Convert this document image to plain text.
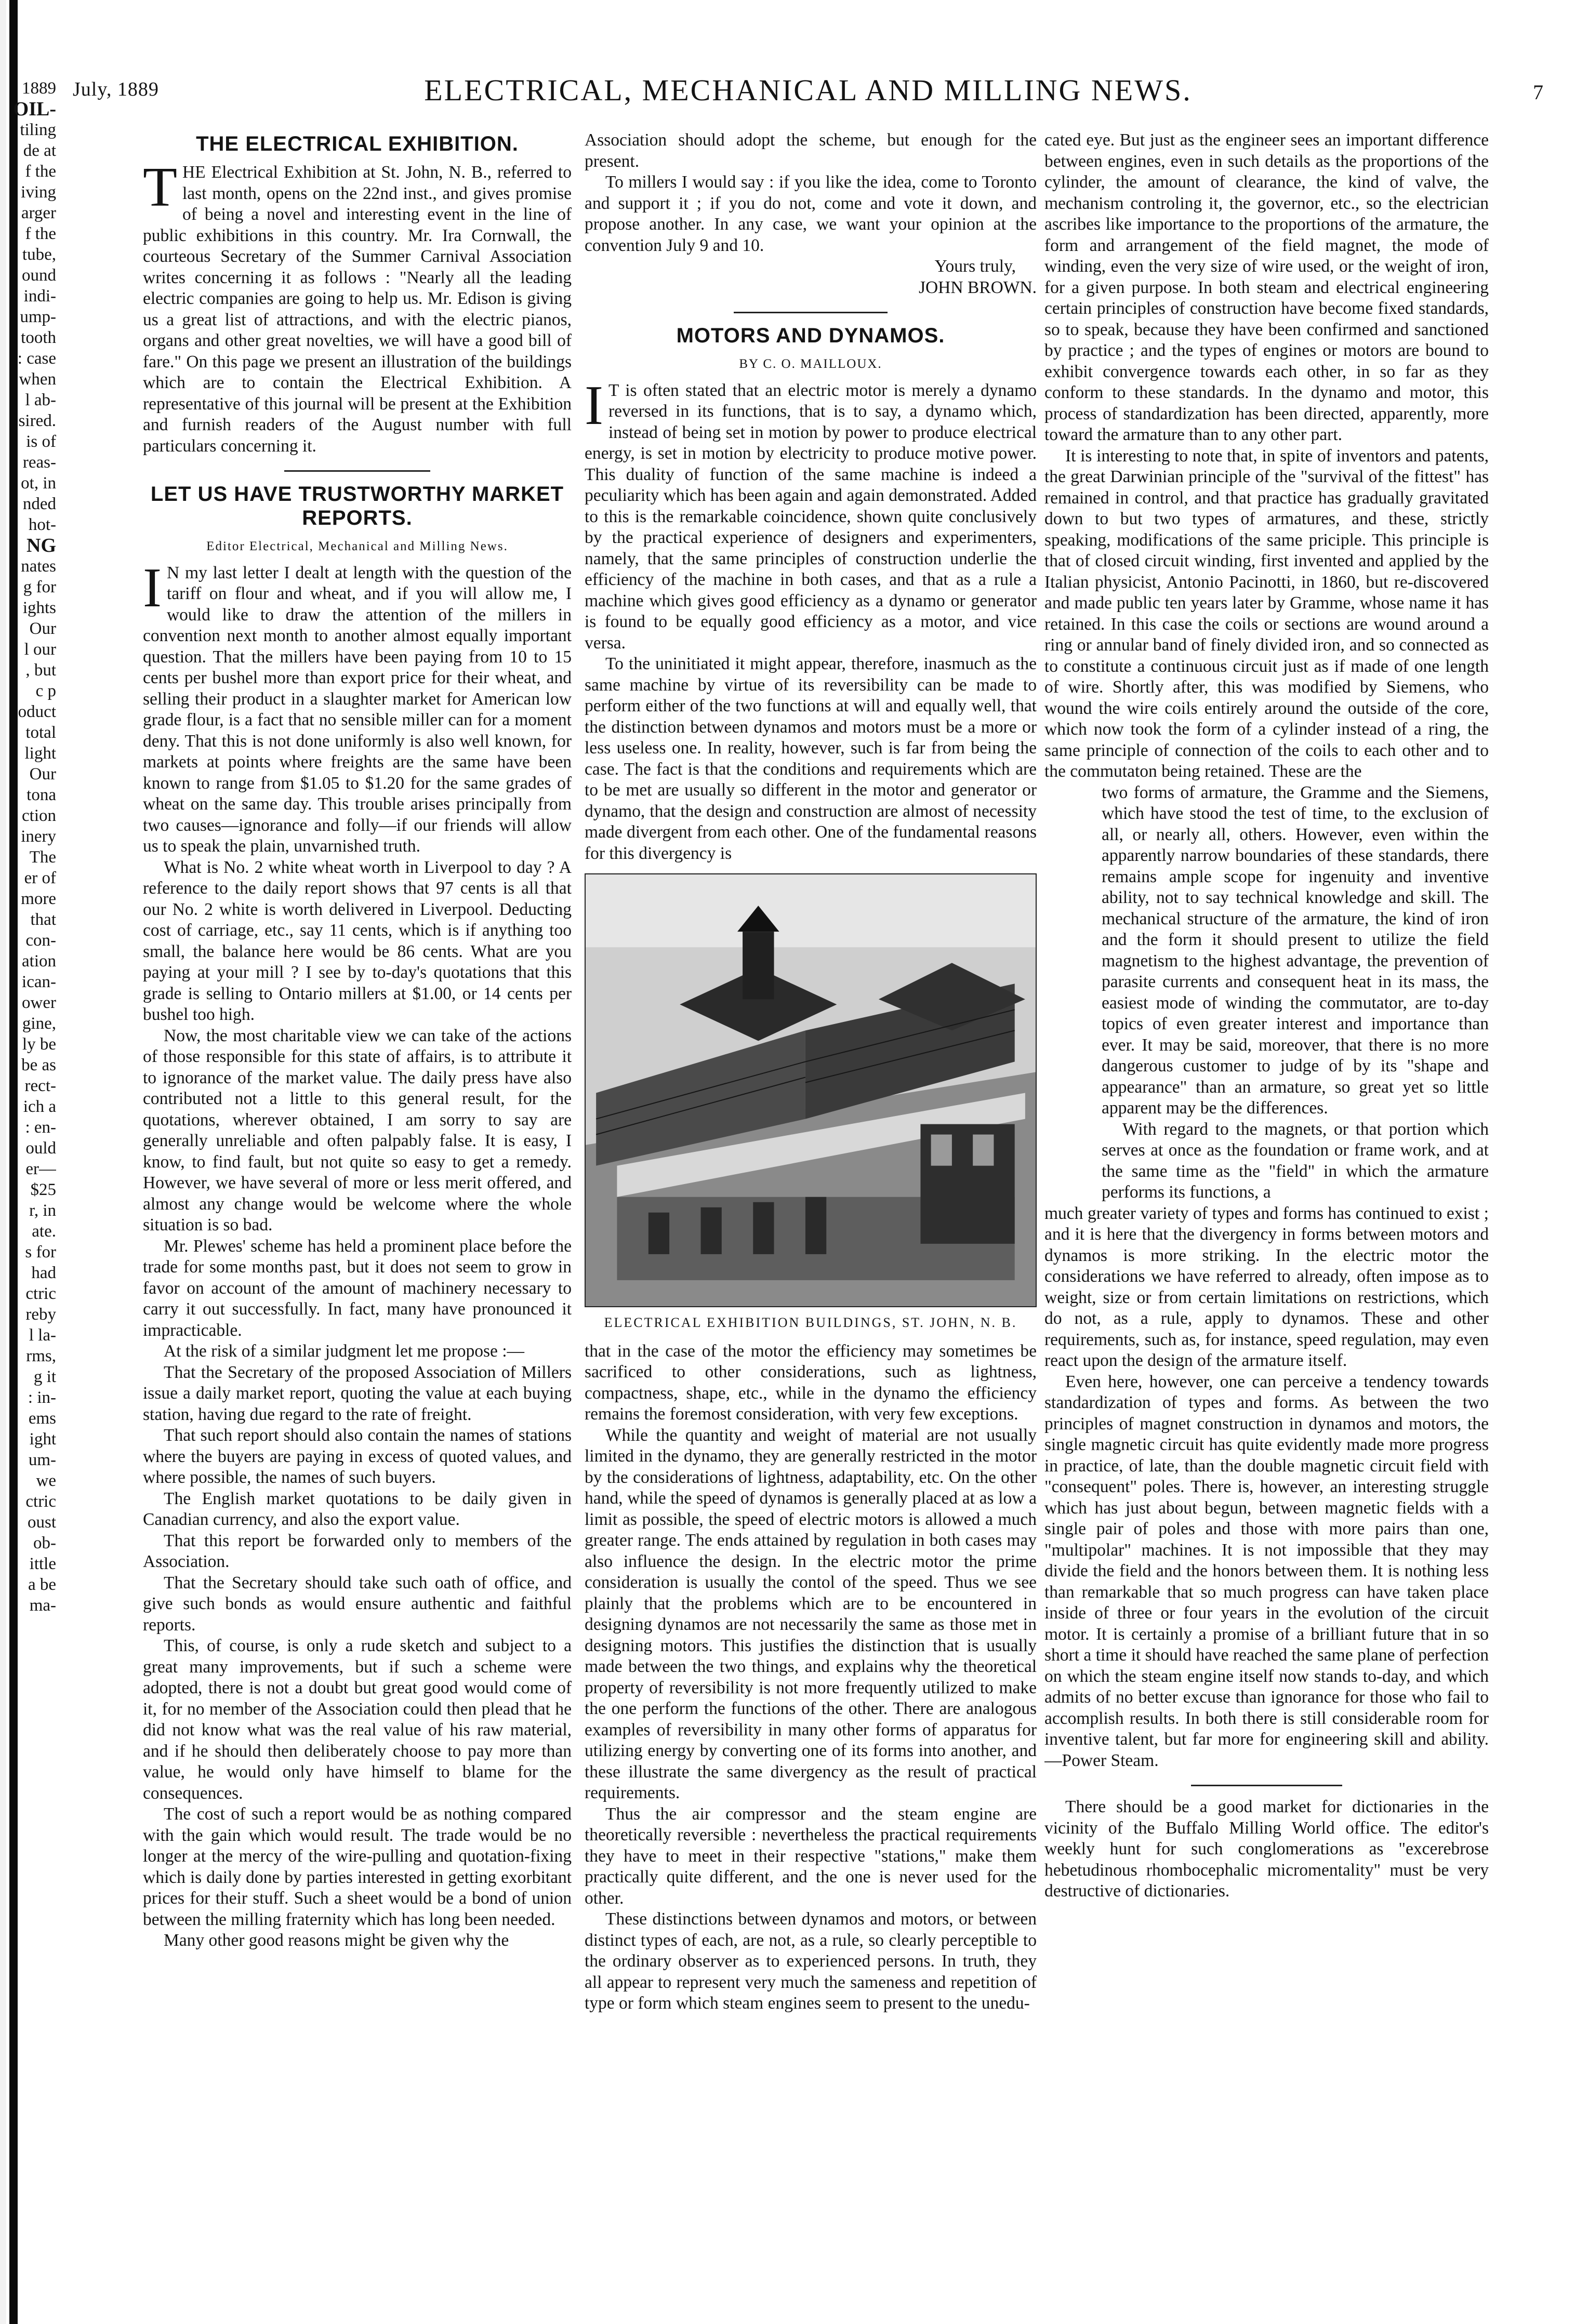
1889
OIL-
tiling
de at
f the
iving
arger
f the
tube,
ound
indi-
ump-
tooth
: case
when
l ab-
sired.
is of
reas-
ot, in
nded
hot-
NG
nates
g for
ights
Our
l our
, but
c p
oduct
total
light
Our
tona
ction
inery
The
er of
more
that
con-
ation
ican-
ower
gine,
ly be
be as
rect-
ich a
: en-
ould
er—
$25
r, in
ate.
s for
had
ctric
reby
l la-
rms,
g it
: in-
ems
ight
um-
we
ctric
oust
ob-
ittle
a be
ma-
July, 1889	ELECTRICAL, MECHANICAL AND MILLING NEWS.	7
THE ELECTRICAL EXHIBITION.

THE Electrical Exhibition at St. John, N. B., referred to last month, opens on the 22nd inst., and gives promise of being a novel and interesting event in the line of public exhibitions in this country. Mr. Ira Cornwall, the courteous Secretary of the Summer Carnival Association writes concerning it as follows : "Nearly all the leading electric companies are going to help us. Mr. Edison is giving us a great list of attractions, and with the electric pianos, organs and other great novelties, we will have a good bill of fare." On this page we present an illustration of the buildings which are to contain the Electrical Exhibition. A representative of this journal will be present at the Exhibition and furnish readers of the August number with full particulars concerning it.

LET US HAVE TRUSTWORTHY MARKET REPORTS.
Editor Electrical, Mechanical and Milling News.

I N my last letter I dealt at length with the question of the tariff on flour and wheat, and if you will allow me, I would like to draw the attention of the millers in convention next month to another almost equally important question. That the millers have been paying from 10 to 15 cents per bushel more than export price for their wheat, and selling their product in a slaughter market for American low grade flour, is a fact that no sensible miller can for a moment deny. That this is not done uniformly is also well known, for markets at points where freights are the same have been known to range from $1.05 to $1.20 for the same grades of wheat on the same day. This trouble arises principally from two causes—ignorance and folly—if our friends will allow us to speak the plain, unvarnished truth.

What is No. 2 white wheat worth in Liverpool to day ? A reference to the daily report shows that 97 cents is all that our No. 2 white is worth delivered in Liverpool. Deducting cost of carriage, etc., say 11 cents, which is if anything too small, the balance here would be 86 cents. What are you paying at your mill ? I see by to-day's quotations that this grade is selling to Ontario millers at $1.00, or 14 cents per bushel too high.

Now, the most charitable view we can take of the actions of those responsible for this state of affairs, is to attribute it to ignorance of the market value. The daily press have also contributed not a little to this general result, for the quotations, wherever obtained, I am sorry to say are generally unreliable and often palpably false. It is easy, I know, to find fault, but not quite so easy to get a remedy. However, we have several of more or less merit offered, and almost any change would be welcome where the whole situation is so bad.

Mr. Plewes' scheme has held a prominent place before the trade for some months past, but it does not seem to grow in favor on account of the amount of machinery necessary to carry it out successfully. In fact, many have pronounced it impracticable.

At the risk of a similar judgment let me propose :—

That the Secretary of the proposed Association of Millers issue a daily market report, quoting the value at each buying station, having due regard to the rate of freight.

That such report should also contain the names of stations where the buyers are paying in excess of quoted values, and where possible, the names of such buyers.

The English market quotations to be daily given in Canadian currency, and also the export value.

That this report be forwarded only to members of the Association.

That the Secretary should take such oath of office, and give such bonds as would ensure authentic and faithful reports.

This, of course, is only a rude sketch and subject to a great many improvements, but if such a scheme were adopted, there is not a doubt but great good would come of it, for no member of the Association could then plead that he did not know what was the real value of his raw material, and if he should then deliberately choose to pay more than value, he would only have himself to blame for the consequences.

The cost of such a report would be as nothing compared with the gain which would result. The trade would be no longer at the mercy of the wire-pulling and quotation-fixing which is daily done by parties interested in getting exorbitant prices for their stuff. Such a sheet would be a bond of union between the milling fraternity which has long been needed.

Many other good reasons might be given why the

Association should adopt the scheme, but enough for the present.

To millers I would say : if you like the idea, come to Toronto and support it ; if you do not, come and vote it down, and propose another. In any case, we want your opinion at the convention July 9 and 10.

Yours truly,

JOHN BROWN.

MOTORS AND DYNAMOS.
BY C. O. MAILLOUX.

I T is often stated that an electric motor is merely a dynamo reversed in its functions, that is to say, a dynamo which, instead of being set in motion by power to produce electrical energy, is set in motion by electricity to produce motive power. This duality of function of the same machine is indeed a peculiarity which has been again and again demonstrated. Added to this is the remarkable coincidence, shown quite conclusively by the practical experience of designers and experimenters, namely, that the same principles of construction underlie the efficiency of the machine in both cases, and that as a rule a machine which gives good efficiency as a dynamo or generator is found to be equally good efficiency as a motor, and vice versa.

To the uninitiated it might appear, therefore, inasmuch as the same machine by virtue of its reversibility can be made to perform either of the two functions at will and equally well, that the distinction between dynamos and motors must be a more or less useless one. In reality, however, such is far from being the case. The fact is that the conditions and requirements which are to be met are usually so different in the motor and generator or dynamo, that the design and construction are almost of necessity made divergent from each other. One of the fundamental reasons for this divergency is

ELECTRICAL EXHIBITION BUILDINGS, ST. JOHN, N. B.

that in the case of the motor the efficiency may sometimes be sacrificed to other considerations, such as lightness, compactness, shape, etc., while in the dynamo the efficiency remains the foremost consideration, with very few exceptions.

While the quantity and weight of material are not usually limited in the dynamo, they are generally restricted in the motor by the considerations of lightness, adaptability, etc. On the other hand, while the speed of dynamos is generally placed at as low a limit as possible, the speed of electric motors is allowed a much greater range. The ends attained by regulation in both cases may also influence the design. In the electric motor the prime consideration is usually the contol of the speed. Thus we see plainly that the problems which are to be encountered in designing dynamos are not necessarily the same as those met in designing motors. This justifies the distinction that is usually made between the two things, and explains why the theoretical property of reversibility is not more frequently utilized to make the one perform the functions of the other. There are analogous examples of reversibility in many other forms of apparatus for utilizing energy by converting one of its forms into another, and these illustrate the same divergency as the result of practical requirements.

Thus the air compressor and the steam engine are theoretically reversible : nevertheless the practical requirements they have to meet in their respective "stations," make them practically quite different, and the one is never used for the other.

These distinctions between dynamos and motors, or between distinct types of each, are not, as a rule, so clearly perceptible to the ordinary observer as to experienced persons. In truth, they all appear to represent very much the sameness and repetition of type or form which steam engines seem to present to the unedu-

cated eye. But just as the engineer sees an important difference between engines, even in such details as the proportions of the cylinder, the amount of clearance, the kind of valve, the mechanism controling it, the governor, etc., so the electrician ascribes like importance to the proportions of the armature, the form and arrangement of the field magnet, the mode of winding, even the very size of wire used, or the weight of iron, for a given purpose. In both steam and electrical engineering certain principles of construction have become fixed standards, so to speak, because they have been confirmed and sanctioned by practice ; and the types of engines or motors are bound to exhibit convergence towards each other, in so far as they conform to these standards. In the dynamo and motor, this process of standardization has been directed, apparently, more toward the armature than to any other part.

It is interesting to note that, in spite of inventors and patents, the great Darwinian principle of the "survival of the fittest" has remained in control, and that practice has gradually gravitated down to but two types of armatures, and these, strictly speaking, modifications of the same priciple. This principle is that of closed circuit winding, first invented and applied by the Italian physicist, Antonio Pacinotti, in 1860, but re-discovered and made public ten years later by Gramme, whose name it has retained. In this case the coils or sections are wound around a ring or annular band of finely divided iron, and so connected as to constitute a continuous circuit just as if made of one length of wire. Shortly after, this was modified by Siemens, who wound the wire coils entirely around the outside of the core, which now took the form of a cylinder instead of a ring, the same principle of connection of the coils to each other and to the commutaton being retained. These are the

two forms of armature, the Gramme and the Siemens, which have stood the test of time, to the exclusion of all, or nearly all, others. However, even within the apparently narrow boundaries of these standards, there remains ample scope for ingenuity and inventive ability, not to say technical knowledge and skill. The mechanical structure of the armature, the kind of iron and the form it should present to utilize the field magnetism to the highest advantage, the prevention of parasite currents and consequent heat in its mass, the easiest mode of winding the commutator, are to-day topics of even greater interest and importance than ever. It may be said, moreover, that there is no more dangerous customer to judge of by its "shape and appearance" than an armature, so great yet so little apparent may be the differences.

With regard to the magnets, or that portion which serves at once as the foundation or frame work, and at the same time as the "field" in which the armature performs its functions, a

much greater variety of types and forms has continued to exist ; and it is here that the divergency in forms between motors and dynamos is more striking. In the electric motor the considerations we have referred to already, often impose as to weight, size or from certain limitations on restrictions, which do not, as a rule, apply to dynamos. These and other requirements, such as, for instance, speed regulation, may even react upon the design of the armature itself.

Even here, however, one can perceive a tendency towards standardization of types and forms. As between the two principles of magnet construction in dynamos and motors, the single magnetic circuit has quite evidently made more progress in practice, of late, than the double magnetic circuit field with "consequent" poles. There is, however, an interesting struggle which has just about begun, between magnetic fields with a single pair of poles and those with more pairs than one, "multipolar" machines. It is not impossible that they may divide the field and the honors between them. It is nothing less than remarkable that so much progress can have taken place inside of three or four years in the evolution of the circuit motor. It is certainly a promise of a brilliant future that in so short a time it should have reached the same plane of perfection on which the steam engine itself now stands to-day, and which admits of no better excuse than ignorance for those who fail to accomplish results. In both there is still considerable room for inventive talent, but far more for engineering skill and ability.—Power Steam.

There should be a good market for dictionaries in the vicinity of the Buffalo Milling World office. The editor's weekly hunt for such conglomerations as "excerebrose hebetudinous rhombocephalic micromentality" must be very destructive of dictionaries.
